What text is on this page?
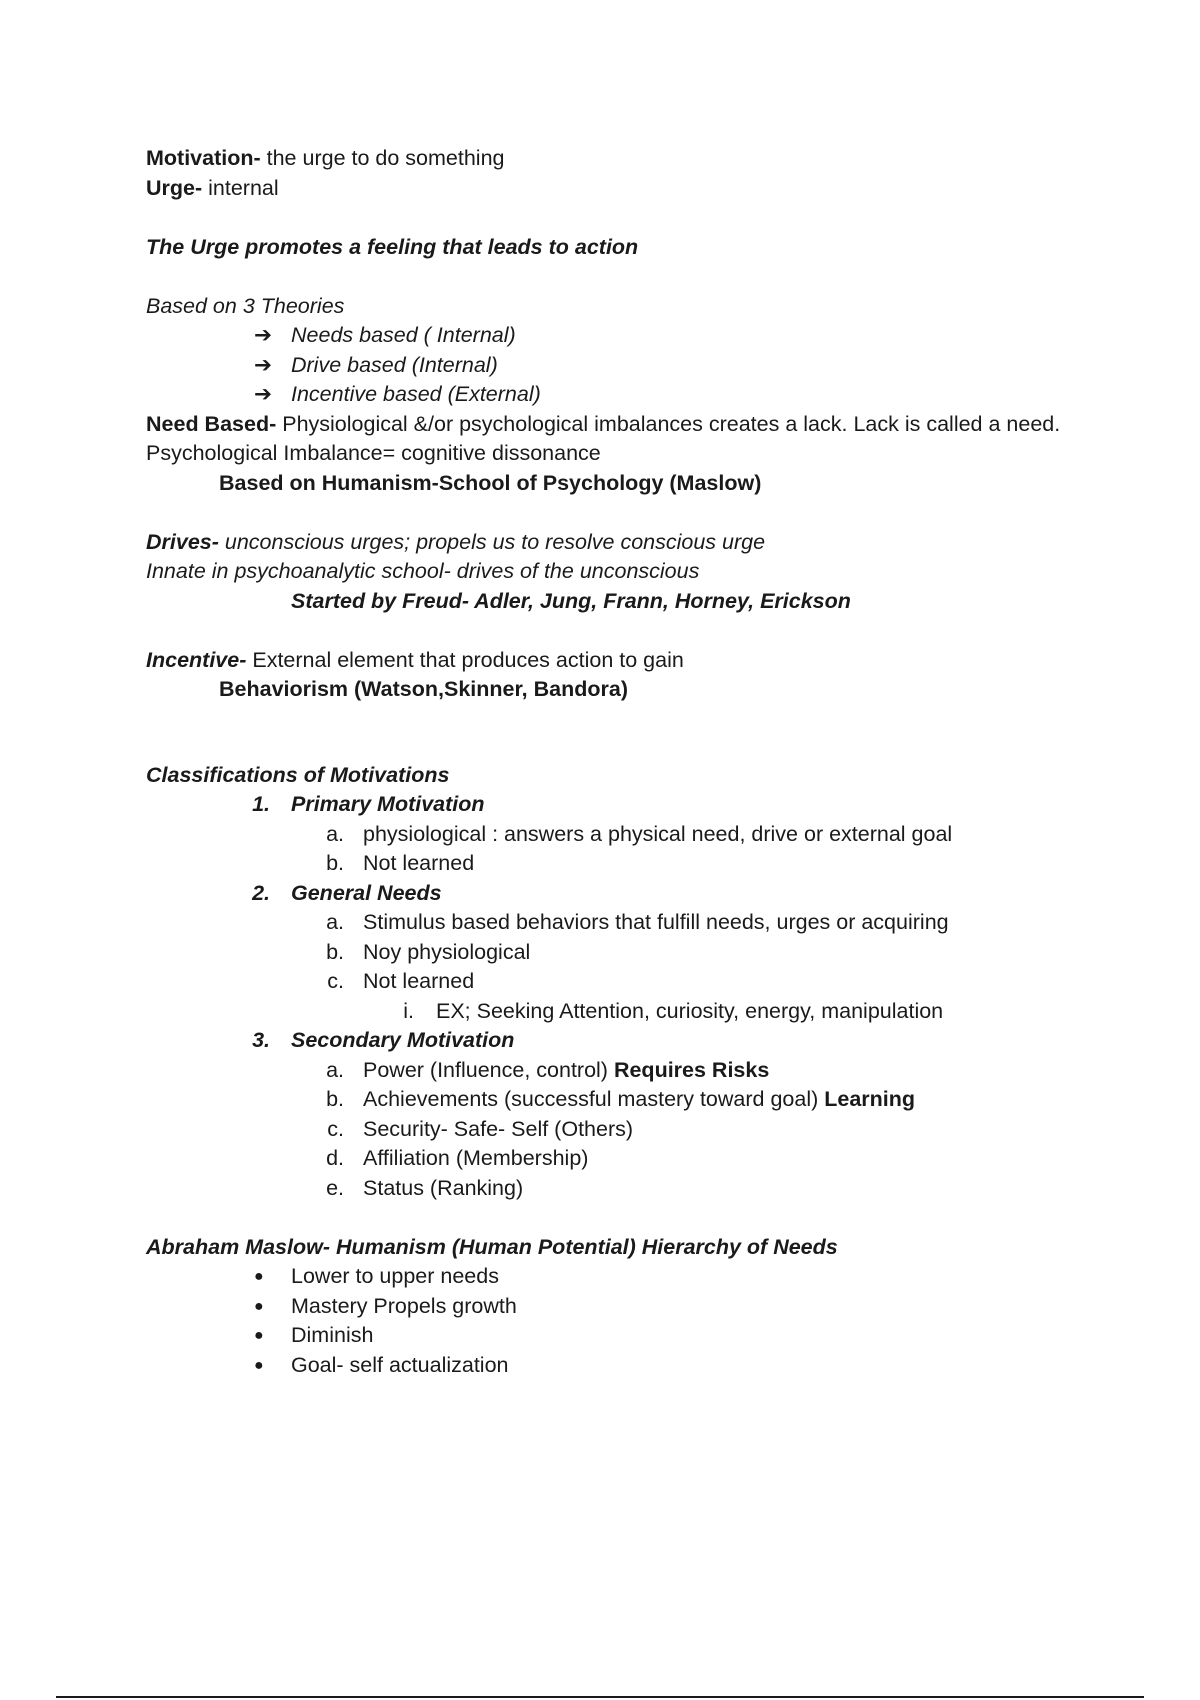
Motivation- the urge to do something
Urge- internal
The Urge promotes a feeling that leads to action
Based on 3 Theories
➔ Needs based ( Internal)
➔ Drive based (Internal)
➔ Incentive based (External)
Need Based- Physiological &/or psychological imbalances creates a lack. Lack is called a need.
Psychological Imbalance= cognitive dissonance
Based on Humanism-School of Psychology (Maslow)
Drives- unconscious urges; propels us to resolve conscious urge
Innate in psychoanalytic school- drives of the unconscious
Started by Freud- Adler, Jung, Frann, Horney, Erickson
Incentive- External element that produces action to gain
Behaviorism (Watson,Skinner, Bandora)
Classifications of Motivations
1. Primary Motivation
a. physiological : answers a physical need, drive or external goal
b. Not learned
2. General Needs
a. Stimulus based behaviors that fulfill needs, urges or acquiring
b. Noy physiological
c. Not learned
i. EX; Seeking Attention, curiosity, energy, manipulation
3. Secondary Motivation
a. Power (Influence, control) Requires Risks
b. Achievements (successful mastery toward goal) Learning
c. Security- Safe- Self (Others)
d. Affiliation (Membership)
e. Status (Ranking)
Abraham Maslow- Humanism (Human Potential) Hierarchy of Needs
●	Lower to upper needs
●	Mastery Propels growth
●	Diminish
●	Goal- self actualization
